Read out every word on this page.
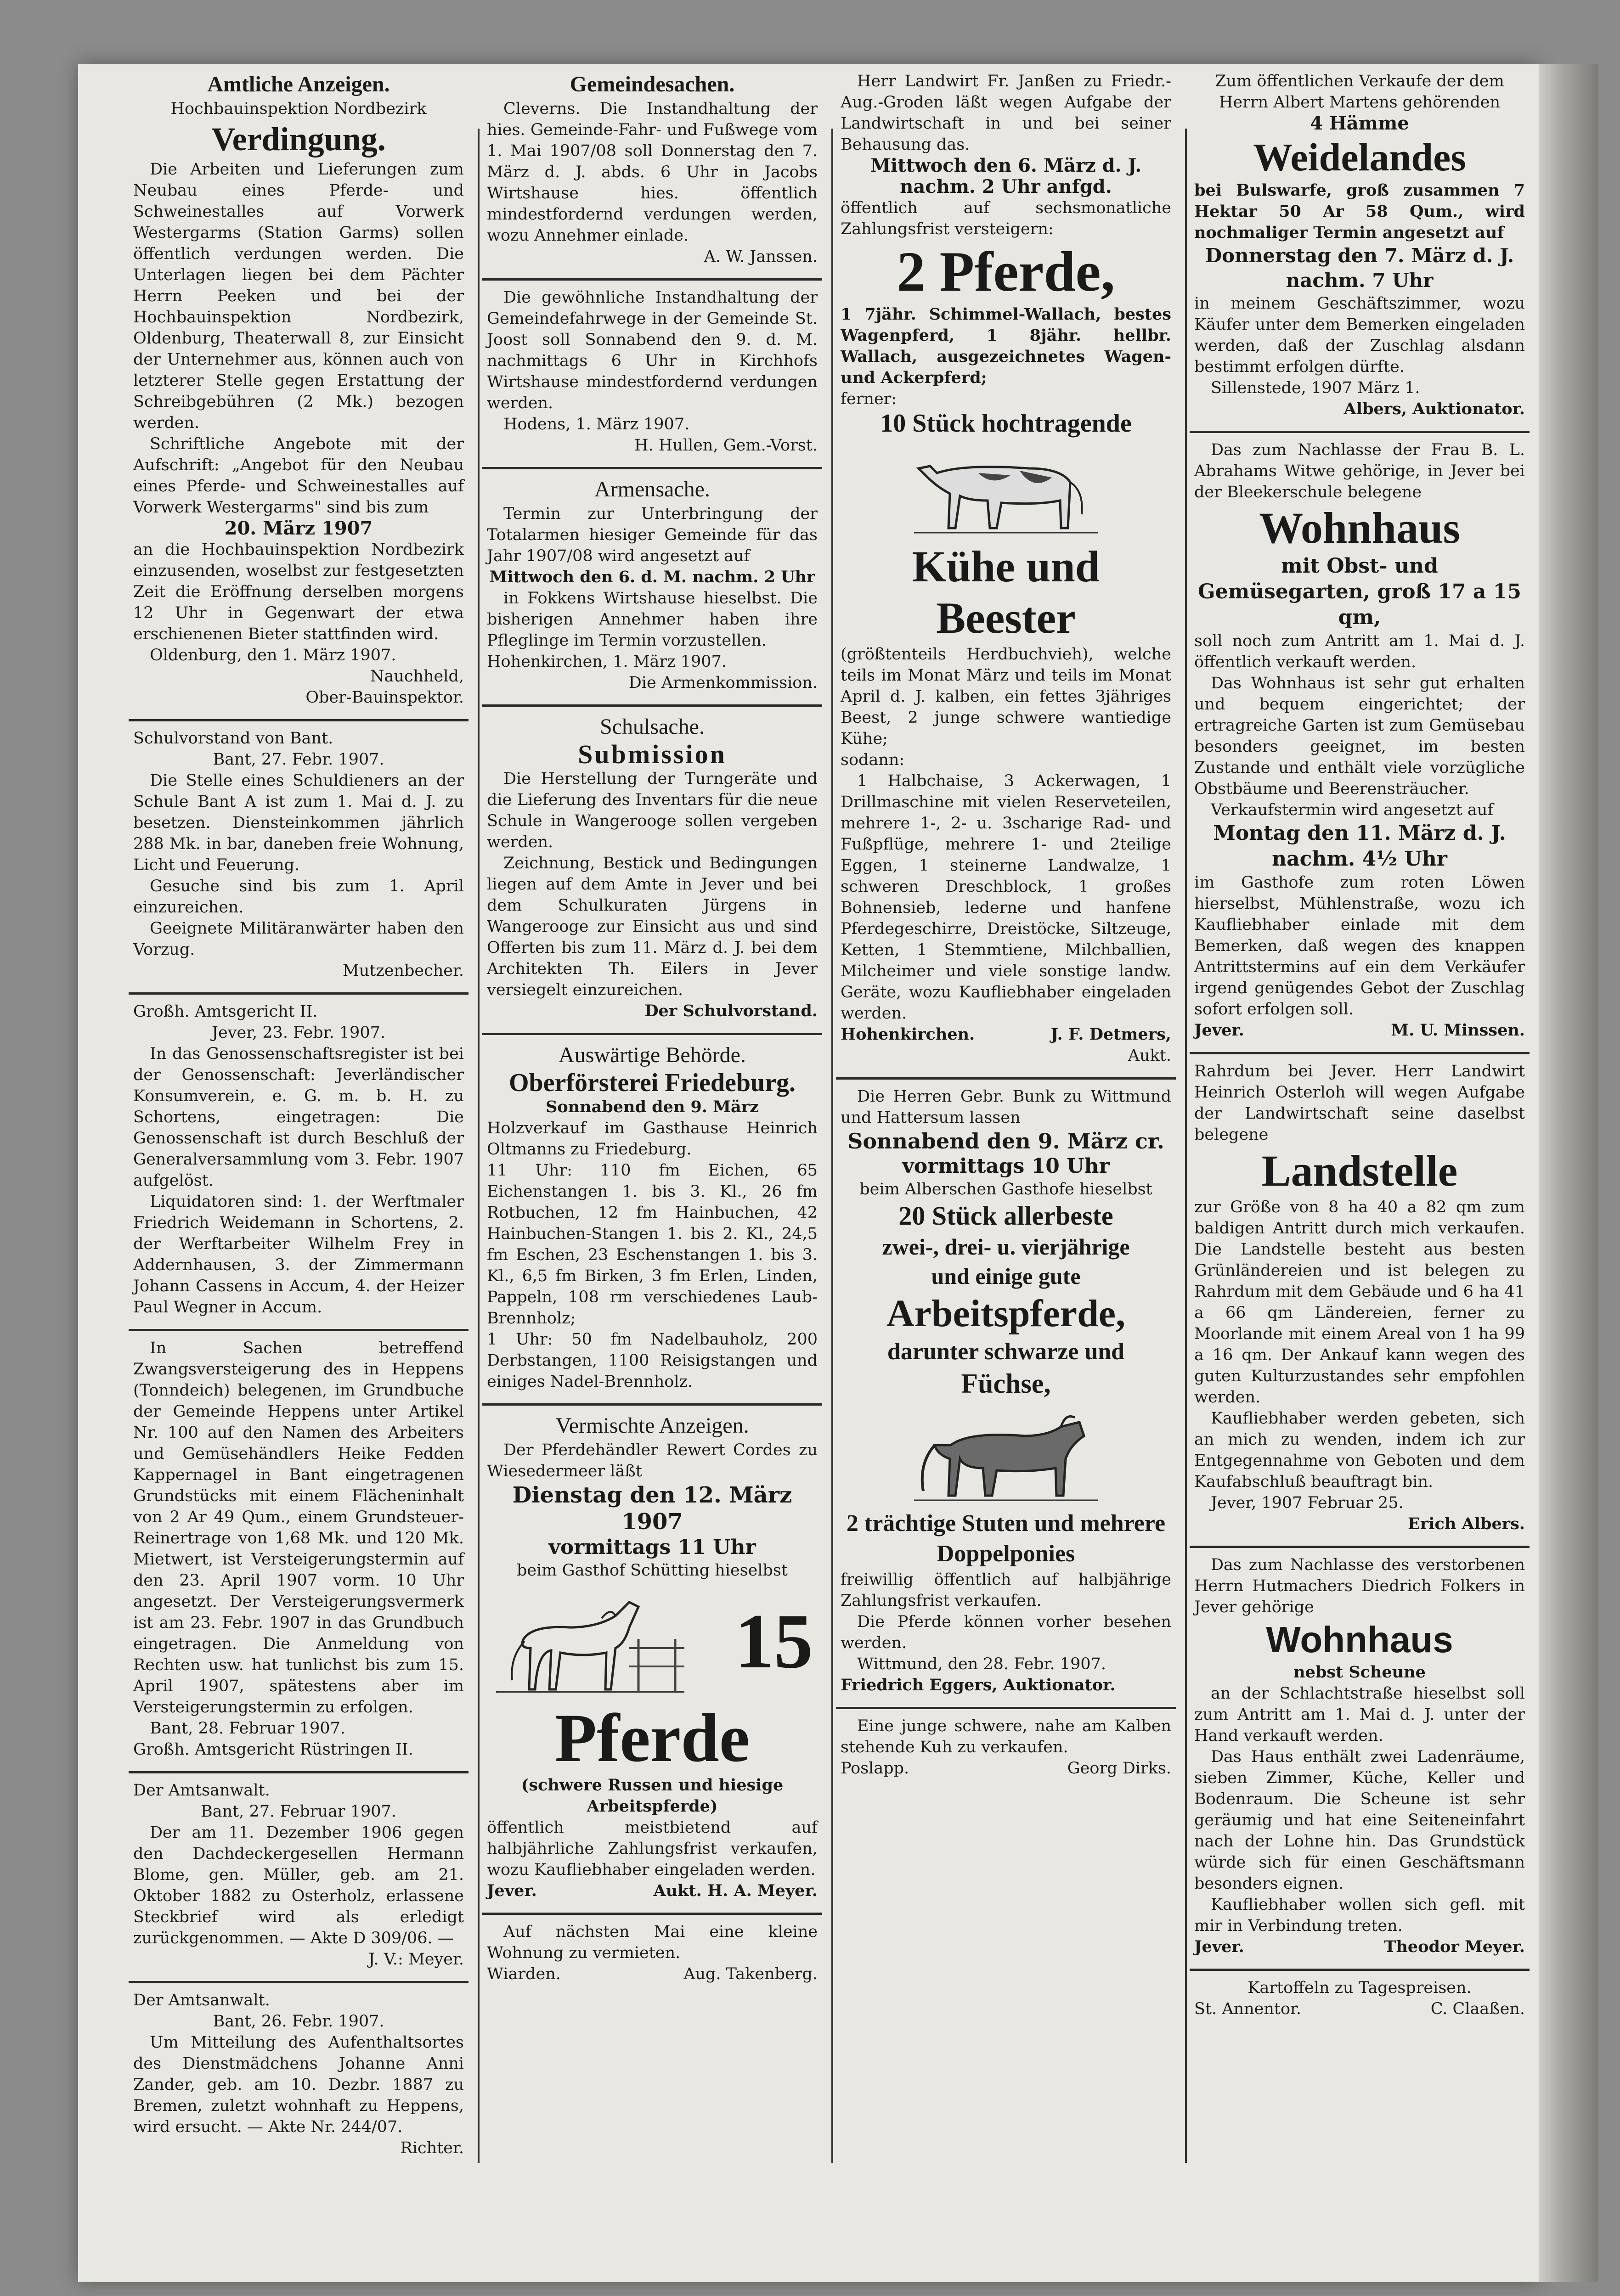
Amtliche Anzeigen.

Hochbauinspektion Nordbezirk

Verdingung.

Die Arbeiten und Lieferungen zum Neubau eines Pferde- und Schweinestalles auf Vorwerk Westergarms (Station Garms) sollen öffentlich verdungen werden. Die Unterlagen liegen bei dem Pächter Herrn Peeken und bei der Hochbauinspektion Nordbezirk, Oldenburg, Theaterwall 8, zur Einsicht der Unternehmer aus, können auch von letzterer Stelle gegen Erstattung der Schreibgebühren (2 Mk.) bezogen werden.

Schriftliche Angebote mit der Aufschrift: „Angebot für den Neubau eines Pferde- und Schweinestalles auf Vorwerk Westergarms" sind bis zum

20. März 1907

an die Hochbauinspektion Nordbezirk einzusenden, woselbst zur festgesetzten Zeit die Eröffnung derselben morgens 12 Uhr in Gegenwart der etwa erschienenen Bieter stattfinden wird.

Oldenburg, den 1. März 1907.

Nauchheld,

Ober-Bauinspektor.

Schulvorstand von Bant.

Bant, 27. Febr. 1907.

Die Stelle eines Schuldieners an der Schule Bant A ist zum 1. Mai d. J. zu besetzen. Diensteinkommen jährlich 288 Mk. in bar, daneben freie Wohnung, Licht und Feuerung.

Gesuche sind bis zum 1. April einzureichen.

Geeignete Militäranwärter haben den Vorzug.

Mutzenbecher.

Großh. Amtsgericht II.

Jever, 23. Febr. 1907.

In das Genossenschaftsregister ist bei der Genossenschaft: Jeverländischer Konsumverein, e. G. m. b. H. zu Schortens, eingetragen: Die Genossenschaft ist durch Beschluß der Generalversammlung vom 3. Febr. 1907 aufgelöst.

Liquidatoren sind: 1. der Werftmaler Friedrich Weidemann in Schortens, 2. der Werftarbeiter Wilhelm Frey in Addernhausen, 3. der Zimmermann Johann Cassens in Accum, 4. der Heizer Paul Wegner in Accum.

In Sachen betreffend Zwangsversteigerung des in Heppens (Tonndeich) belegenen, im Grundbuche der Gemeinde Heppens unter Artikel Nr. 100 auf den Namen des Arbeiters und Gemüsehändlers Heike Fedden Kappernagel in Bant eingetragenen Grundstücks mit einem Flächeninhalt von 2 Ar 49 Qum., einem Grundsteuer-Reinertrage von 1,68 Mk. und 120 Mk. Mietwert, ist Versteigerungstermin auf den 23. April 1907 vorm. 10 Uhr angesetzt. Der Versteigerungsvermerk ist am 23. Febr. 1907 in das Grundbuch eingetragen. Die Anmeldung von Rechten usw. hat tunlichst bis zum 15. April 1907, spätestens aber im Versteigerungstermin zu erfolgen.

Bant, 28. Februar 1907.

Großh. Amtsgericht Rüstringen II.

Der Amtsanwalt.

Bant, 27. Februar 1907.

Der am 11. Dezember 1906 gegen den Dachdeckergesellen Hermann Blome, gen. Müller, geb. am 21. Oktober 1882 zu Osterholz, erlassene Steckbrief wird als erledigt zurückgenommen. — Akte D 309/06. —

J. V.: Meyer.

Der Amtsanwalt.

Bant, 26. Febr. 1907.

Um Mitteilung des Aufenthaltsortes des Dienstmädchens Johanne Anni Zander, geb. am 10. Dezbr. 1887 zu Bremen, zuletzt wohnhaft zu Heppens, wird ersucht. — Akte Nr. 244/07.

Richter.

Gemeindesachen.

Cleverns. Die Instandhaltung der hies. Gemeinde-Fahr- und Fußwege vom 1. Mai 1907/08 soll Donnerstag den 7. März d. J. abds. 6 Uhr in Jacobs Wirtshause hies. öffentlich mindestfordernd verdungen werden, wozu Annehmer einlade.

A. W. Janssen.

Die gewöhnliche Instandhaltung der Gemeindefahrwege in der Gemeinde St. Joost soll Sonnabend den 9. d. M. nachmittags 6 Uhr in Kirchhofs Wirtshause mindestfordernd verdungen werden.

Hodens, 1. März 1907.

H. Hullen, Gem.-Vorst.

Armensache.

Termin zur Unterbringung der Totalarmen hiesiger Gemeinde für das Jahr 1907/08 wird angesetzt auf

Mittwoch den 6. d. M. nachm. 2 Uhr

in Fokkens Wirtshause hieselbst. Die bisherigen Annehmer haben ihre Pfleglinge im Termin vorzustellen.

Hohenkirchen, 1. März 1907.

Die Armenkommission.

Schulsache.

Submission

Die Herstellung der Turngeräte und die Lieferung des Inventars für die neue Schule in Wangerooge sollen vergeben werden.

Zeichnung, Bestick und Bedingungen liegen auf dem Amte in Jever und bei dem Schulkuraten Jürgens in Wangerooge zur Einsicht aus und sind Offerten bis zum 11. März d. J. bei dem Architekten Th. Eilers in Jever versiegelt einzureichen.

Der Schulvorstand.

Auswärtige Behörde.

Oberförsterei Friedeburg.

Sonnabend den 9. März

Holzverkauf im Gasthause Heinrich Oltmanns zu Friedeburg.

11 Uhr: 110 fm Eichen, 65 Eichenstangen 1. bis 3. Kl., 26 fm Rotbuchen, 12 fm Hainbuchen, 42 Hainbuchen-Stangen 1. bis 2. Kl., 24,5 fm Eschen, 23 Eschenstangen 1. bis 3. Kl., 6,5 fm Birken, 3 fm Erlen, Linden, Pappeln, 108 rm verschiedenes Laub-Brennholz;

1 Uhr: 50 fm Nadelbauholz, 200 Derbstangen, 1100 Reisigstangen und einiges Nadel-Brennholz.

Vermischte Anzeigen.

Der Pferdehändler Rewert Cordes zu Wiesedermeer läßt

Dienstag den 12. März 1907

vormittags 11 Uhr

beim Gasthof Schütting hieselbst

15

Pferde

(schwere Russen und hiesige Arbeitspferde)

öffentlich meistbietend auf halbjährliche Zahlungsfrist verkaufen, wozu Kaufliebhaber eingeladen werden.

Jever.	Aukt. H. A. Meyer.

Auf nächsten Mai eine kleine Wohnung zu vermieten.

Wiarden.	Aug. Takenberg.

Herr Landwirt Fr. Janßen zu Friedr.-Aug.-Groden läßt wegen Aufgabe der Landwirtschaft in und bei seiner Behausung das.

Mittwoch den 6. März d. J. nachm. 2 Uhr anfgd.

öffentlich auf sechsmonatliche Zahlungsfrist versteigern:

2 Pferde,

1 7jähr. Schimmel-Wallach, bestes Wagenpferd, 1 8jähr. hellbr. Wallach, ausgezeichnetes Wagen- und Ackerpferd;

ferner:

10 Stück hochtragende

Kühe und

Beester

(größtenteils Herdbuchvieh), welche teils im Monat März und teils im Monat April d. J. kalben, ein fettes 3jähriges Beest, 2 junge schwere wantiedige Kühe;

sodann:

1 Halbchaise, 3 Ackerwagen, 1 Drillmaschine mit vielen Reserveteilen, mehrere 1-, 2- u. 3scharige Rad- und Fußpflüge, mehrere 1- und 2teilige Eggen, 1 steinerne Landwalze, 1 schweren Dreschblock, 1 großes Bohnensieb, lederne und hanfene Pferdegeschirre, Dreistöcke, Siltzeuge, Ketten, 1 Stemmtiene, Milchballien, Milcheimer und viele sonstige landw. Geräte, wozu Kaufliebhaber eingeladen werden.

Hohenkirchen.	J. F. Detmers,

Aukt.

Die Herren Gebr. Bunk zu Wittmund und Hattersum lassen

Sonnabend den 9. März cr.

vormittags 10 Uhr

beim Alberschen Gasthofe hieselbst

20 Stück allerbeste

zwei-, drei- u. vierjährige

und einige gute

Arbeitspferde,

darunter schwarze und

Füchse,

2 trächtige Stuten und mehrere Doppelponies

freiwillig öffentlich auf halbjährige Zahlungsfrist verkaufen.

Die Pferde können vorher besehen werden.

Wittmund, den 28. Febr. 1907.

Friedrich Eggers, Auktionator.

Eine junge schwere, nahe am Kalben stehende Kuh zu verkaufen.

Poslapp.	Georg Dirks.

Zum öffentlichen Verkaufe der dem Herrn Albert Martens gehörenden

4 Hämme

Weidelandes

bei Bulswarfe, groß zusammen 7 Hektar 50 Ar 58 Qum., wird nochmaliger Termin angesetzt auf

Donnerstag den 7. März d. J. nachm. 7 Uhr

in meinem Geschäftszimmer, wozu Käufer unter dem Bemerken eingeladen werden, daß der Zuschlag alsdann bestimmt erfolgen dürfte.

Sillenstede, 1907 März 1.

Albers, Auktionator.

Das zum Nachlasse der Frau B. L. Abrahams Witwe gehörige, in Jever bei der Bleekerschule belegene

Wohnhaus

mit Obst- und Gemüsegarten, groß 17 a 15 qm,

soll noch zum Antritt am 1. Mai d. J. öffentlich verkauft werden.

Das Wohnhaus ist sehr gut erhalten und bequem eingerichtet; der ertragreiche Garten ist zum Gemüsebau besonders geeignet, im besten Zustande und enthält viele vorzügliche Obstbäume und Beerensträucher.

Verkaufstermin wird angesetzt auf

Montag den 11. März d. J. nachm. 4½ Uhr

im Gasthofe zum roten Löwen hierselbst, Mühlenstraße, wozu ich Kaufliebhaber einlade mit dem Bemerken, daß wegen des knappen Antrittstermins auf ein dem Verkäufer irgend genügendes Gebot der Zuschlag sofort erfolgen soll.

Jever.	M. U. Minssen.

Rahrdum bei Jever. Herr Landwirt Heinrich Osterloh will wegen Aufgabe der Landwirtschaft seine daselbst belegene

Landstelle

zur Größe von 8 ha 40 a 82 qm zum baldigen Antritt durch mich verkaufen. Die Landstelle besteht aus besten Grünländereien und ist belegen zu Rahrdum mit dem Gebäude und 6 ha 41 a 66 qm Ländereien, ferner zu Moorlande mit einem Areal von 1 ha 99 a 16 qm. Der Ankauf kann wegen des guten Kulturzustandes sehr empfohlen werden.

Kaufliebhaber werden gebeten, sich an mich zu wenden, indem ich zur Entgegennahme von Geboten und dem Kaufabschluß beauftragt bin.

Jever, 1907 Februar 25.

Erich Albers.

Das zum Nachlasse des verstorbenen Herrn Hutmachers Diedrich Folkers in Jever gehörige

Wohnhaus

nebst Scheune

an der Schlachtstraße hieselbst soll zum Antritt am 1. Mai d. J. unter der Hand verkauft werden.

Das Haus enthält zwei Ladenräume, sieben Zimmer, Küche, Keller und Bodenraum. Die Scheune ist sehr geräumig und hat eine Seiteneinfahrt nach der Lohne hin. Das Grundstück würde sich für einen Geschäftsmann besonders eignen.

Kaufliebhaber wollen sich gefl. mit mir in Verbindung treten.

Jever.	Theodor Meyer.

Kartoffeln zu Tagespreisen.

St. Annentor.	C. Claaßen.
